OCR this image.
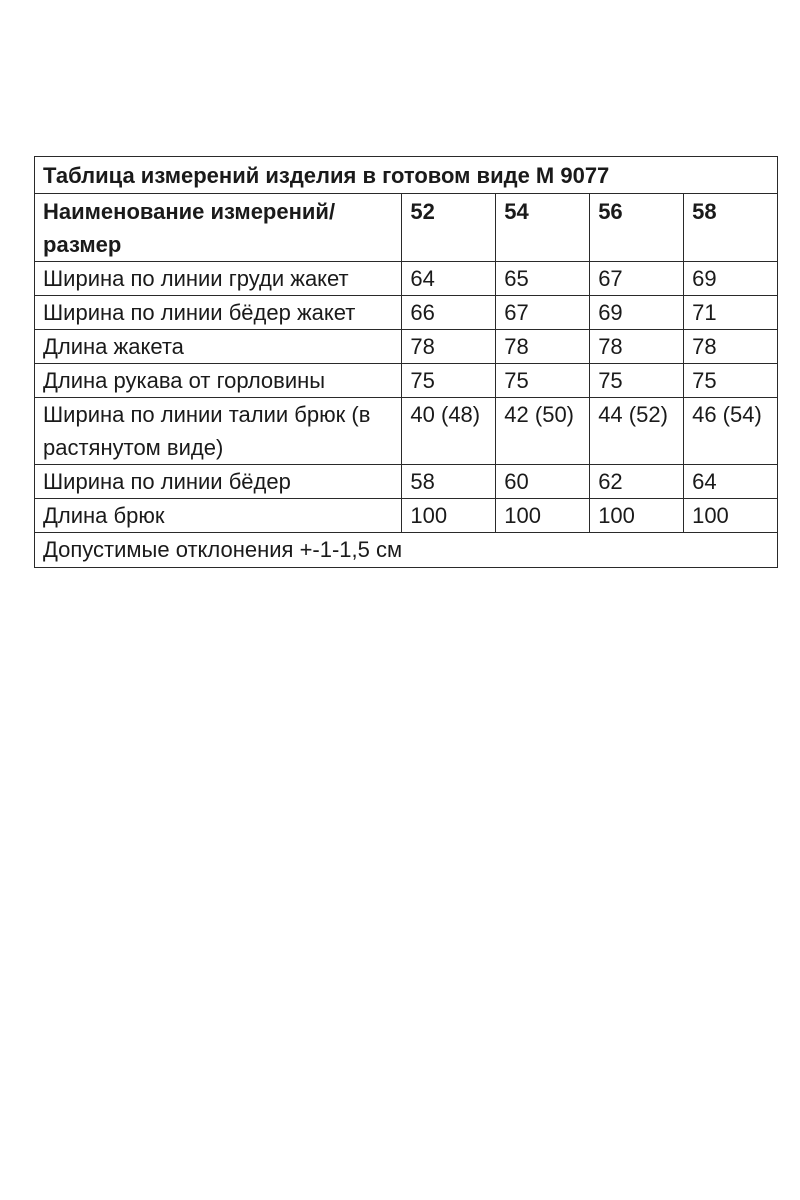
Таблица измерений изделия в готовом виде М 9077				
Наименование измерений/размер	52	54	56	58
Ширина по линии груди жакет	64	65	67	69
Ширина по линии бёдер жакет	66	67	69	71
Длина жакета	78	78	78	78
Длина рукава от горловины	75	75	75	75
Ширина по линии талии брюк (в растянутом виде)	40 (48)	42 (50)	44 (52)	46 (54)
Ширина по линии бёдер	58	60	62	64
Длина брюк	100	100	100	100
Допустимые отклонения +-1-1,5 см				
